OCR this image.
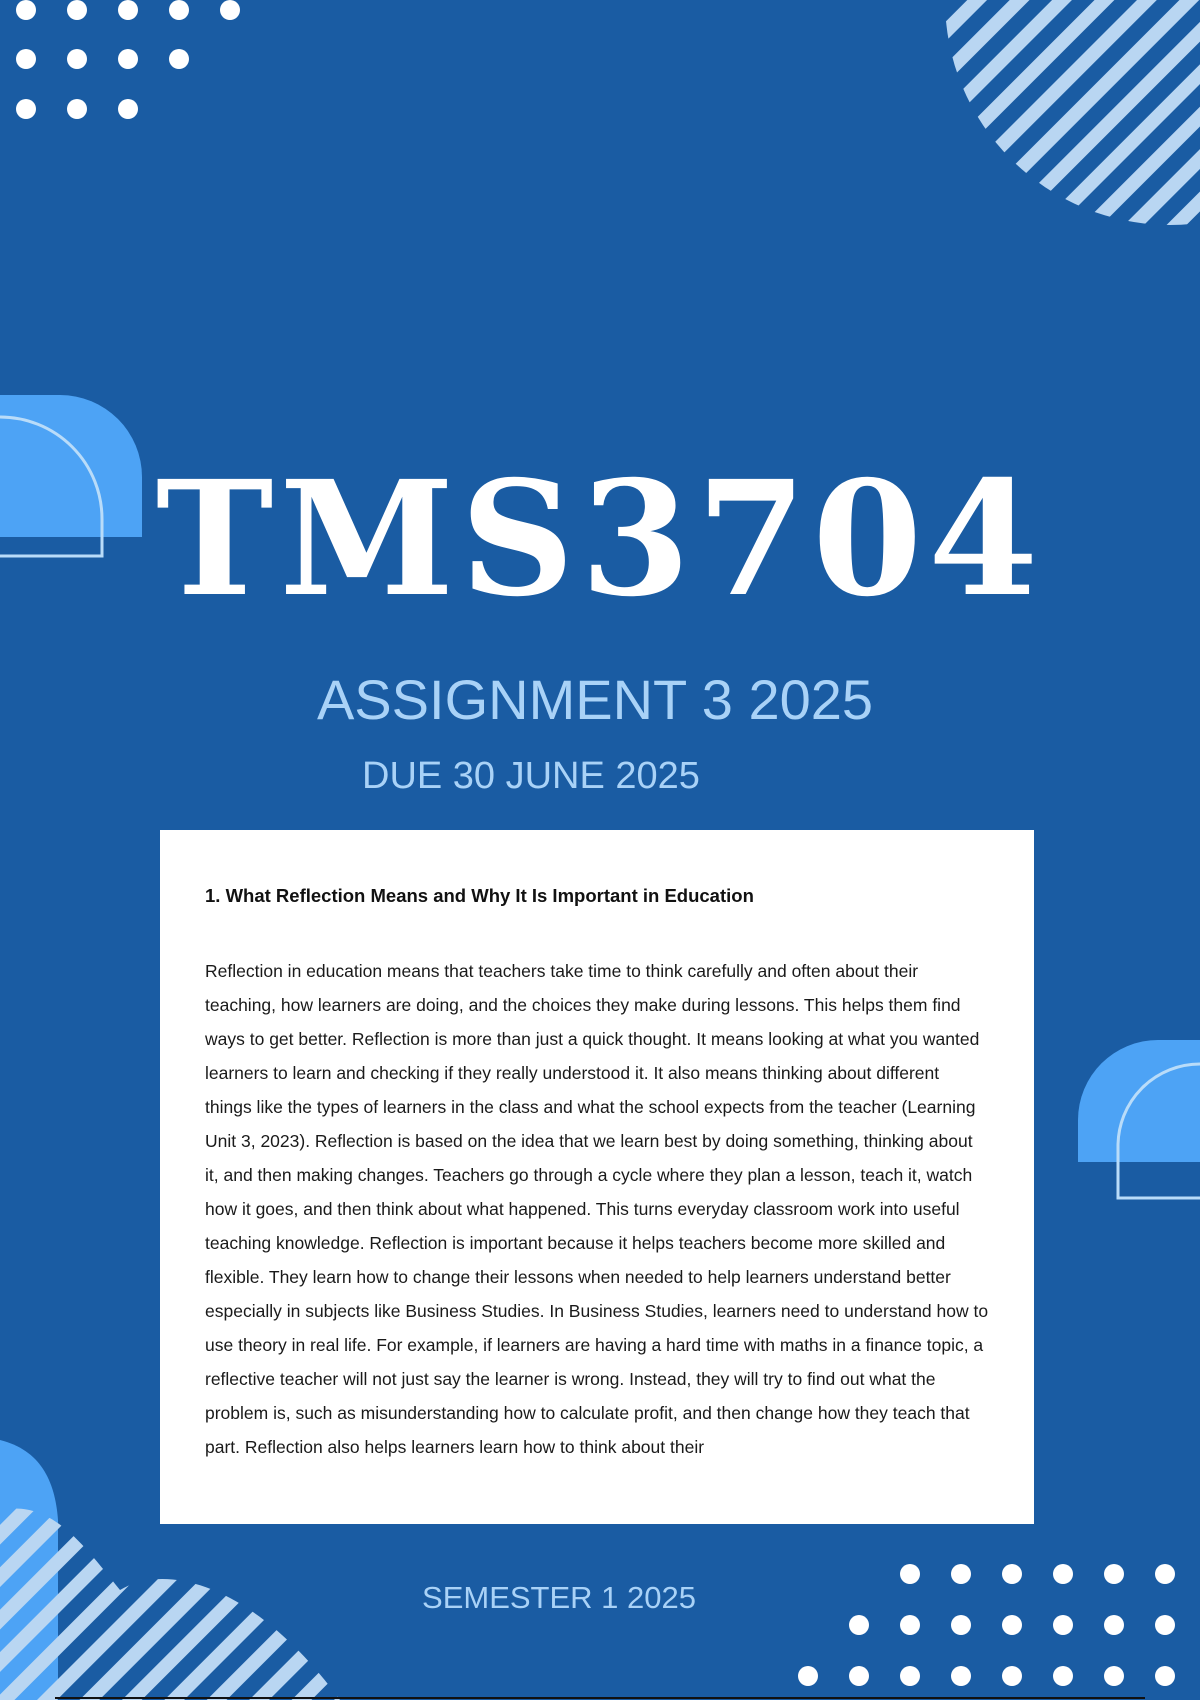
TMS3704
ASSIGNMENT 3 2025
DUE 30 JUNE 2025

1. What Reflection Means and Why It Is Important in Education

Reflection in education means that teachers take time to think carefully and often about their teaching, how learners are doing, and the choices they make during lessons. This helps them find ways to get better. Reflection is more than just a quick thought. It means looking at what you wanted learners to learn and checking if they really understood it. It also means thinking about different things like the types of learners in the class and what the school expects from the teacher (Learning Unit 3, 2023). Reflection is based on the idea that we learn best by doing something, thinking about it, and then making changes. Teachers go through a cycle where they plan a lesson, teach it, watch how it goes, and then think about what happened. This turns everyday classroom work into useful teaching knowledge. Reflection is important because it helps teachers become more skilled and flexible. They learn how to change their lessons when needed to help learners understand better especially in subjects like Business Studies. In Business Studies, learners need to understand how to use theory in real life. For example, if learners are having a hard time with maths in a finance topic, a reflective teacher will not just say the learner is wrong. Instead, they will try to find out what the problem is, such as misunderstanding how to calculate profit, and then change how they teach that part. Reflection also helps learners learn how to think about their

SEMESTER 1 2025
